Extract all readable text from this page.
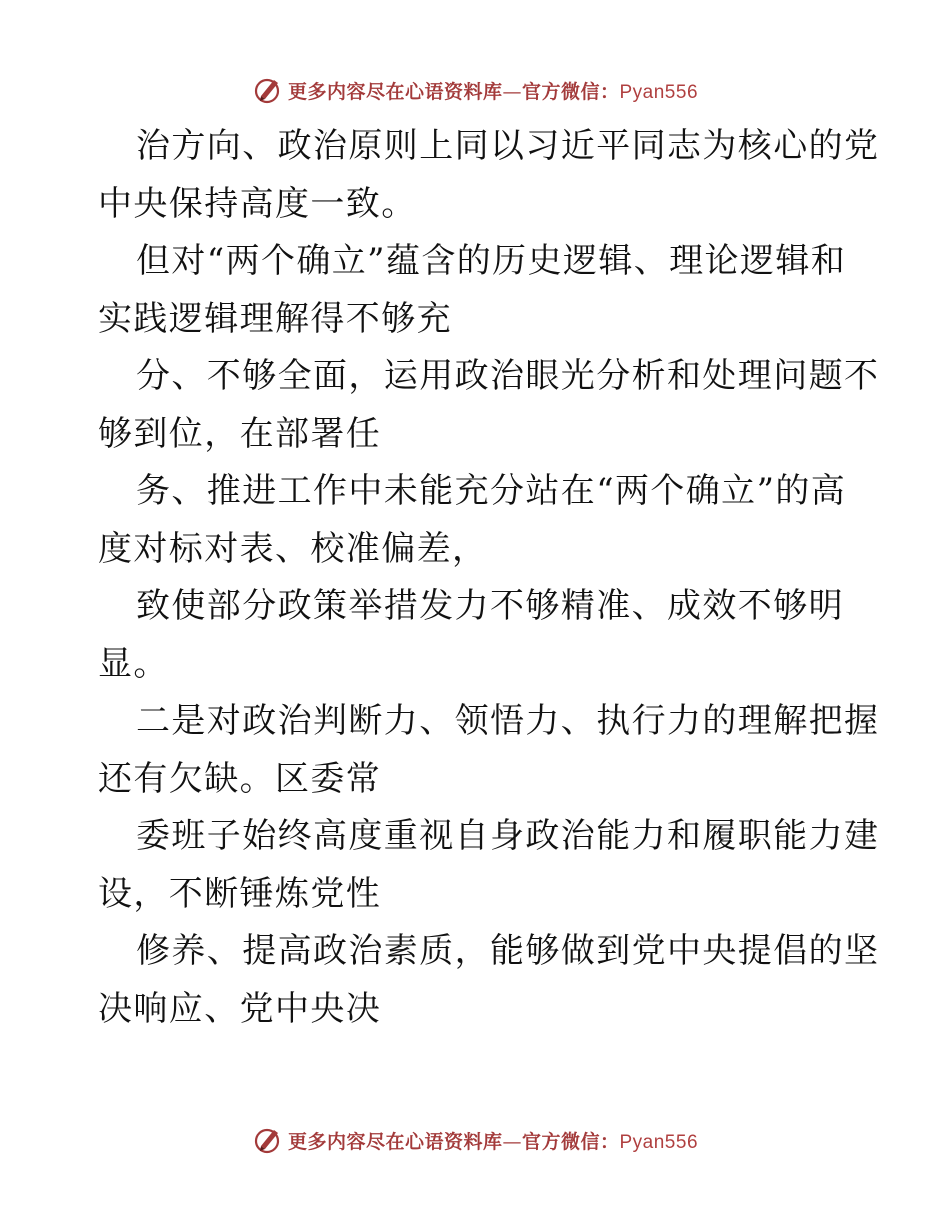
更多内容尽在心语资料库—官方微信：Pyan556
治方向、政治原则上同以习近平同志为核心的党
中央保持高度一致。
但对“两个确立”蕴含的历史逻辑、理论逻辑和
实践逻辑理解得不够充
分、不够全面，运用政治眼光分析和处理问题不
够到位，在部署任
务、推进工作中未能充分站在“两个确立”的高
度对标对表、校准偏差，
致使部分政策举措发力不够精准、成效不够明
显。
二是对政治判断力、领悟力、执行力的理解把握
还有欠缺。区委常
委班子始终高度重视自身政治能力和履职能力建
设，不断锤炼党性
修养、提高政治素质，能够做到党中央提倡的坚
决响应、党中央决
更多内容尽在心语资料库—官方微信：Pyan556
